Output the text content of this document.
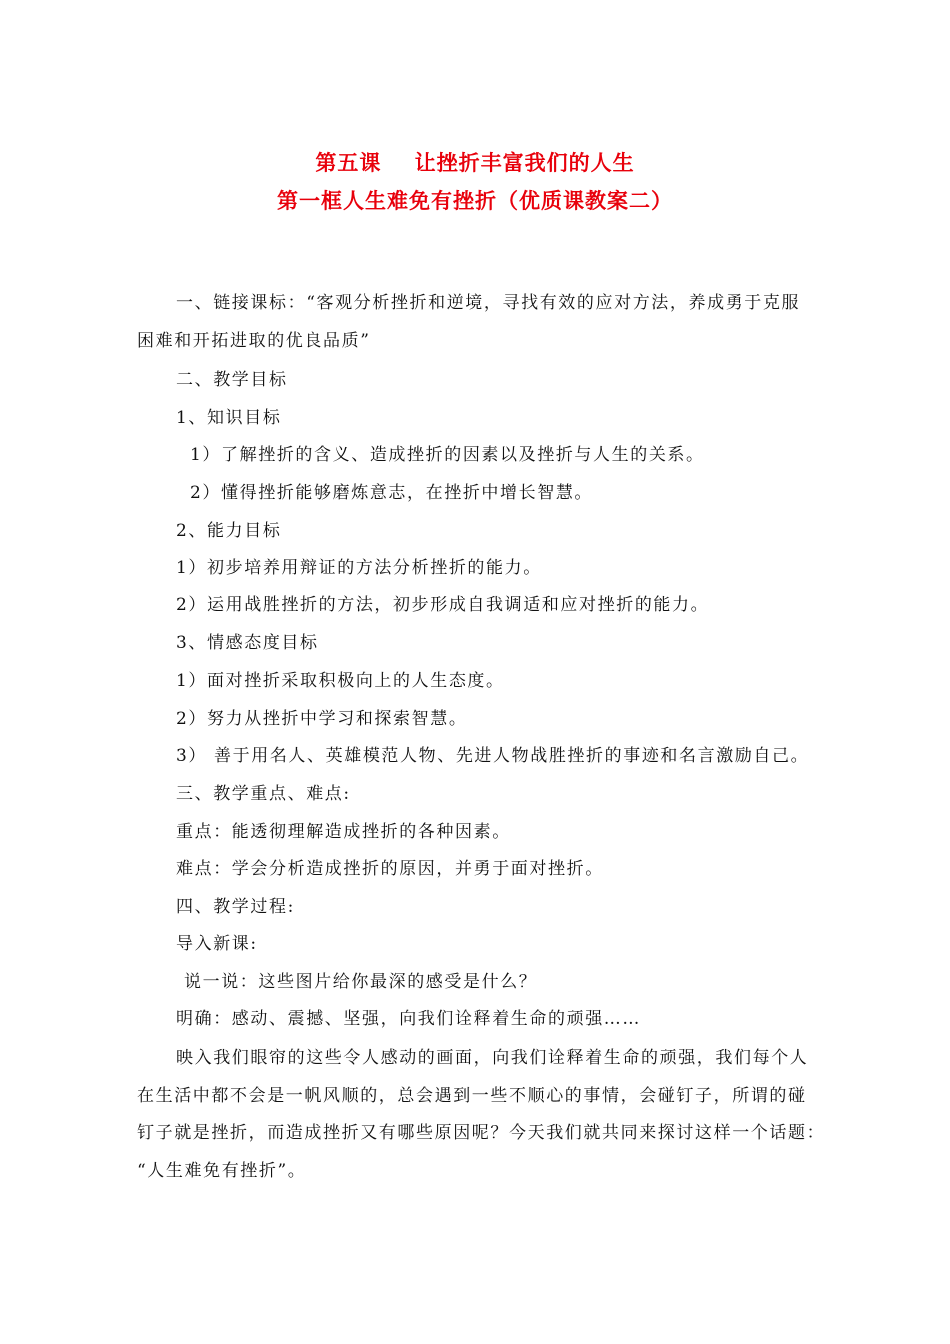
第五课    让挫折丰富我们的人生
第一框人生难免有挫折（优质课教案二）
一、链接课标：“客观分析挫折和逆境，寻找有效的应对方法，养成勇于克服
困难和开拓进取的优良品质”
二、教学目标
1、知识目标
1）了解挫折的含义、造成挫折的因素以及挫折与人生的关系。
2）懂得挫折能够磨炼意志，在挫折中增长智慧。
2、能力目标
1）初步培养用辩证的方法分析挫折的能力。
2）运用战胜挫折的方法，初步形成自我调适和应对挫折的能力。
3、情感态度目标
1）面对挫折采取积极向上的人生态度。
2）努力从挫折中学习和探索智慧。
3） 善于用名人、英雄模范人物、先进人物战胜挫折的事迹和名言激励自己。
三、教学重点、难点:
重点：能透彻理解造成挫折的各种因素。
难点：学会分析造成挫折的原因，并勇于面对挫折。
四、教学过程:
导入新课:
说一说：这些图片给你最深的感受是什么？
明确：感动、震撼、坚强，向我们诠释着生命的顽强……
映入我们眼帘的这些令人感动的画面，向我们诠释着生命的顽强，我们每个人
在生活中都不会是一帆风顺的，总会遇到一些不顺心的事情，会碰钉子，所谓的碰
钉子就是挫折，而造成挫折又有哪些原因呢？今天我们就共同来探讨这样一个话题：
“人生难免有挫折”。
